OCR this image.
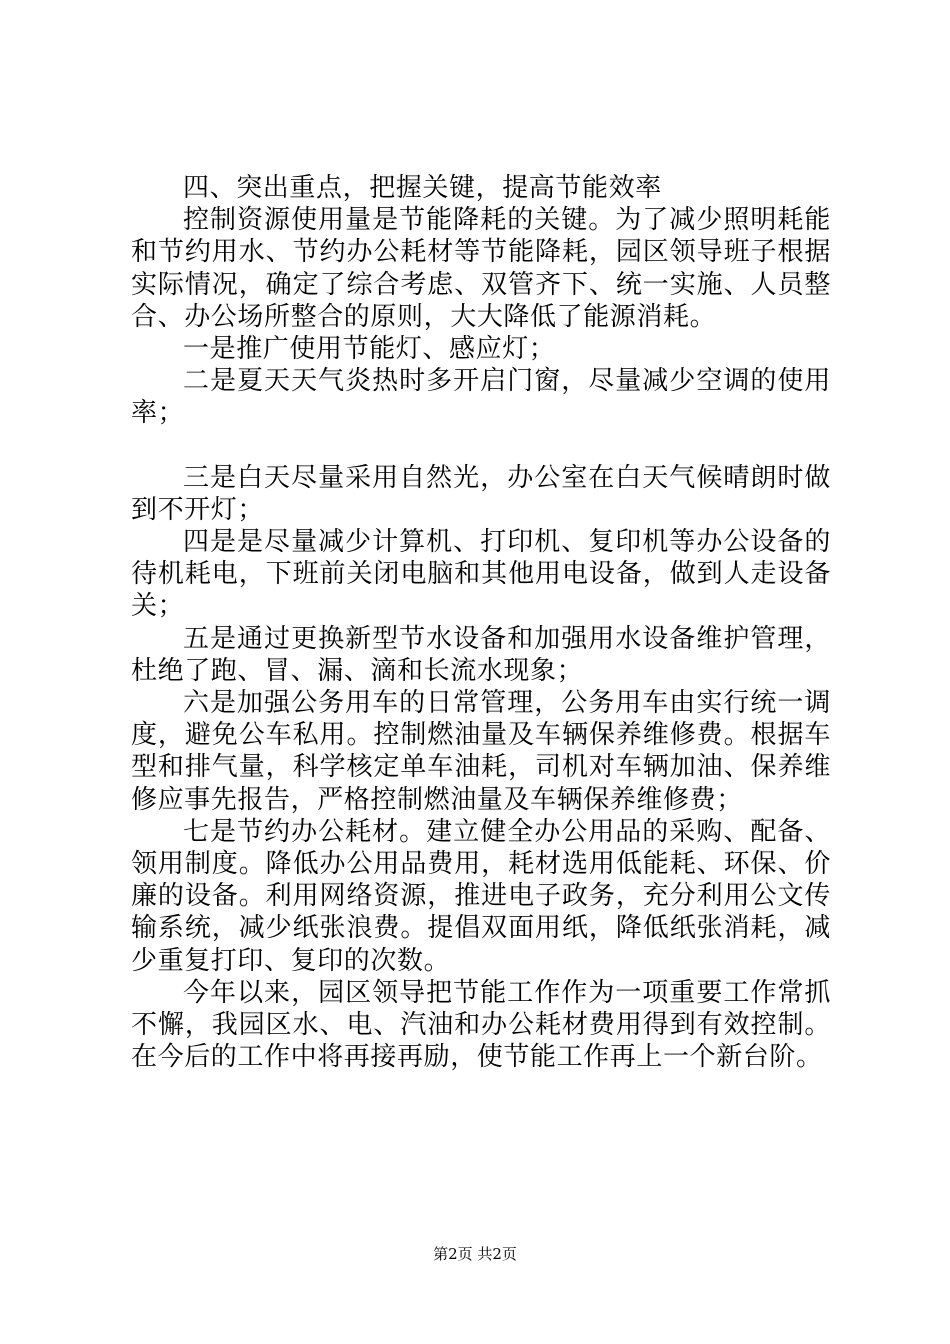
四、突出重点，把握关键，提高节能效率

控制资源使用量是节能降耗的关键。为了减少照明耗能和节约用水、节约办公耗材等节能降耗，园区领导班子根据实际情况，确定了综合考虑、双管齐下、统一实施、人员整合、办公场所整合的原则，大大降低了能源消耗。

一是推广使用节能灯、感应灯；

二是夏天天气炎热时多开启门窗，尽量减少空调的使用率；

三是白天尽量采用自然光，办公室在白天气候晴朗时做到不开灯；

四是是尽量减少计算机、打印机、复印机等办公设备的待机耗电，下班前关闭电脑和其他用电设备，做到人走设备关；

五是通过更换新型节水设备和加强用水设备维护管理，杜绝了跑、冒、漏、滴和长流水现象；

六是加强公务用车的日常管理，公务用车由实行统一调度，避免公车私用。控制燃油量及车辆保养维修费。根据车型和排气量，科学核定单车油耗，司机对车辆加油、保养维修应事先报告，严格控制燃油量及车辆保养维修费；

七是节约办公耗材。建立健全办公用品的采购、配备、领用制度。降低办公用品费用，耗材选用低能耗、环保、价廉的设备。利用网络资源，推进电子政务，充分利用公文传输系统，减少纸张浪费。提倡双面用纸，降低纸张消耗，减少重复打印、复印的次数。

今年以来，园区领导把节能工作作为一项重要工作常抓不懈，我园区水、电、汽油和办公耗材费用得到有效控制。在今后的工作中将再接再励，使节能工作再上一个新台阶。

第2页 共2页
